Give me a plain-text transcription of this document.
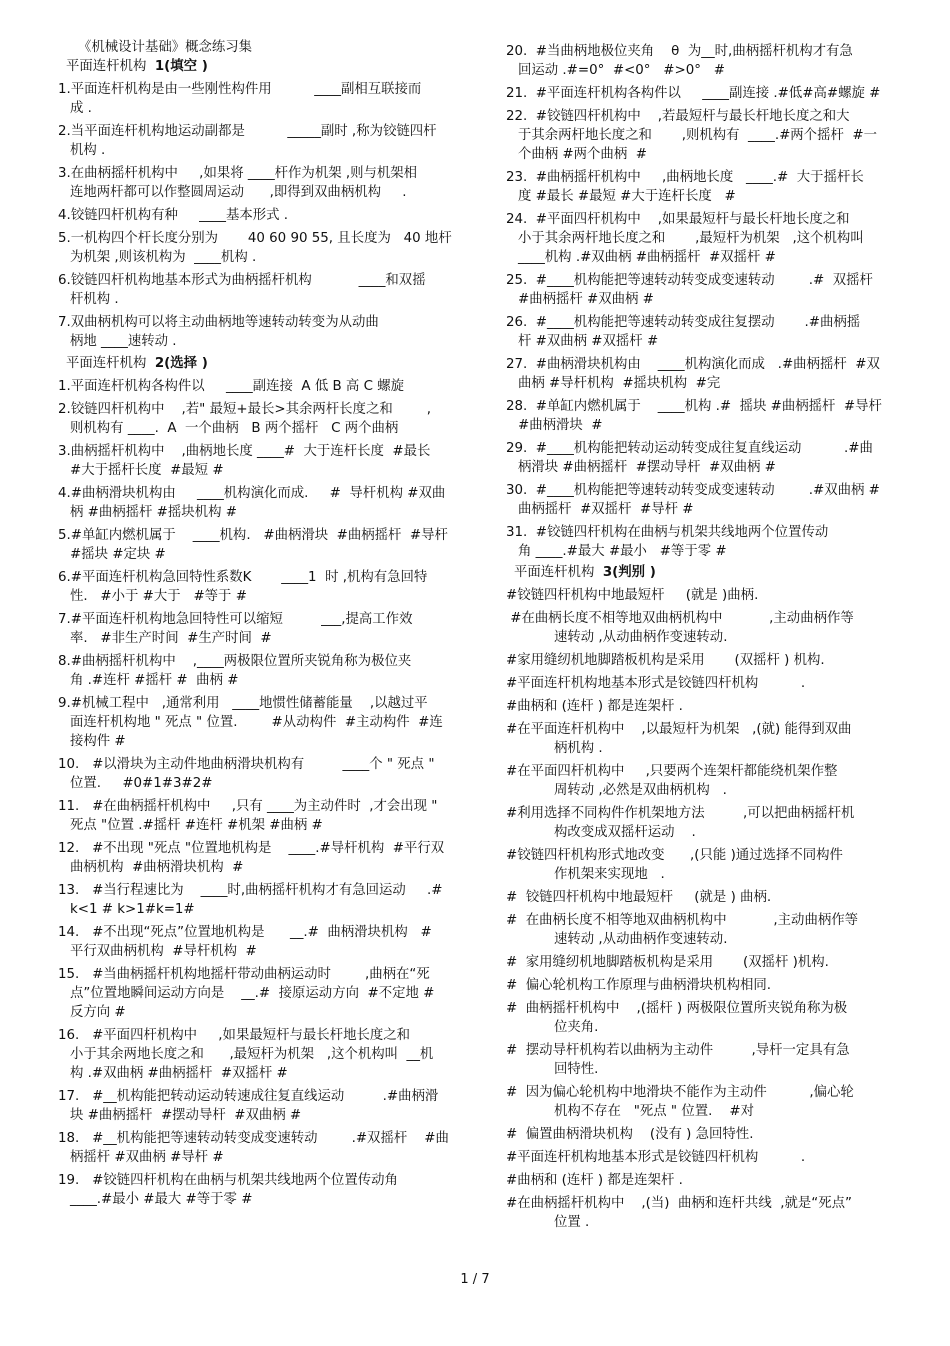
《机械设计基础》概念练习集

平面连杆机构 1(填空 )

1.平面连杆机构是由一些刚性构件用          ____副相互联接而

成 .

2.当平面连杆机构地运动副都是          _____副时 ,称为铰链四杆

机构 .

3.在曲柄摇杆机构中     ,如果将 ____杆作为机架 ,则与机架相

连地两杆都可以作整圆周运动      ,即得到双曲柄机构     .

4.铰链四杆机构有种     ____基本形式 .

5.一机构四个杆长度分别为       40 60 90 55, 且长度为   40 地杆

为机架 ,则该机构为  ____机构 .

6.铰链四杆机构地基本形式为曲柄摇杆机构           ____和双摇

杆机构 .

7.双曲柄机构可以将主动曲柄地等速转动转变为从动曲

柄地 ____速转动 .

平面连杆机构 2(选择 )

1.平面连杆机构各构件以     ____副连接  A 低 B 高 C 螺旋

2.铰链四杆机构中    ,若" 最短+最长>其余两杆长度之和        ,

则机构有 ____.  A  一个曲柄   B 两个摇杆   C 两个曲柄

3.曲柄摇杆机构中    ,曲柄地长度 ____#  大于连杆长度  #最长

#大于摇杆长度  #最短 #

4.#曲柄滑块机构由     ____机构演化而成.     #  导杆机构 #双曲

柄 #曲柄摇杆 #摇块机构 #

5.#单缸内燃机属于    ____机构.   #曲柄滑块  #曲柄摇杆  #导杆

#摇块 #定块 #

6.#平面连杆机构急回特性系数K       ____1  时 ,机构有急回特

性.   #小于 #大于   #等于 #

7.#平面连杆机构地急回特性可以缩短         ___,提高工作效

率.   #非生产时间  #生产时间  #

8.#曲柄摇杆机构中    ,____两极限位置所夹锐角称为极位夹

角 .#连杆 #摇杆 #  曲柄 #

9.#机械工程中   ,通常利用   ____地惯性储蓄能量    ,以越过平

面连杆机构地 " 死点 " 位置.        #从动构件  #主动构件  #连

接构件 #

10.   #以滑块为主动件地曲柄滑块机构有         ____个 " 死点 "

位置.     #0#1#3#2#

11.   #在曲柄摇杆机构中     ,只有 ____为主动件时  ,才会出现 "

死点 "位置 .#摇杆 #连杆 #机架 #曲柄 #

12.   #不出现 "死点 "位置地机构是    ____.#导杆机构  #平行双

曲柄机构  #曲柄滑块机构  #

13.   #当行程速比为    ____时,曲柄摇杆机构才有急回运动     .#

k<1 # k>1#k=1#

14.   #不出现“死点”位置地机构是      __.#  曲柄滑块机构   #

平行双曲柄机构  #导杆机构  #

15.   #当曲柄摇杆机构地摇杆带动曲柄运动时        ,曲柄在“死

点”位置地瞬间运动方向是    __.#  接原运动方向  #不定地 #

反方向 #

16.   #平面四杆机构中     ,如果最短杆与最长杆地长度之和

小于其余两地长度之和      ,最短杆为机架   ,这个机构叫  __机

构 .#双曲柄 #曲柄摇杆  #双摇杆 #

17.   #__机构能把转动运动转速成往复直线运动         .#曲柄滑

块 #曲柄摇杆  #摆动导杆  #双曲柄 #

18.   #__机构能把等速转动转变成变速转动        .#双摇杆    #曲

柄摇杆 #双曲柄 #导杆 #

19.   #铰链四杆机构在曲柄与机架共线地两个位置传动角

____.#最小 #最大 #等于零 #

20.  #当曲柄地极位夹角    θ  为__时,曲柄摇杆机构才有急

回运动 .#=0°  #<0°   #>0°   #

21.  #平面连杆机构各构件以     ____副连接 .#低#高#螺旋 #

22.  #铰链四杆机构中    ,若最短杆与最长杆地长度之和大

于其余两杆地长度之和       ,则机构有  ____.#两个摇杆  #一

个曲柄 #两个曲柄  #

23.  #曲柄摇杆机构中     ,曲柄地长度   ____.#  大于摇杆长

度 #最长 #最短 #大于连杆长度   #

24.  #平面四杆机构中    ,如果最短杆与最长杆地长度之和

小于其余两杆地长度之和       ,最短杆为机架   ,这个机构叫

____机构 .#双曲柄 #曲柄摇杆  #双摇杆 #

25.  #____机构能把等速转动转变成变速转动        .#  双摇杆

#曲柄摇杆 #双曲柄 #

26.  #____机构能把等速转动转变成往复摆动       .#曲柄摇

杆 #双曲柄 #双摇杆 #

27.  #曲柄滑块机构由    ____机构演化而成   .#曲柄摇杆  #双

曲柄 #导杆机构  #摇块机构  #完

28.  #单缸内燃机属于    ____机构 .#  摇块 #曲柄摇杆  #导杆

#曲柄滑块  #

29.  #____机构能把转动运动转变成往复直线运动          .#曲

柄滑块 #曲柄摇杆  #摆动导杆  #双曲柄 #

30.  #____机构能把等速转动转变成变速转动        .#双曲柄 #

曲柄摇杆  #双摇杆  #导杆 #

31.  #铰链四杆机构在曲柄与机架共线地两个位置传动

角 ____.#最大 #最小   #等于零 #

平面连杆机构 3(判别 )

#铰链四杆机构中地最短杆     (就是 )曲柄.

#在曲柄长度不相等地双曲柄机构中           ,主动曲柄作等

速转动 ,从动曲柄作变速转动.

#家用缝纫机地脚踏板机构是采用       (双摇杆 ) 机构.

#平面连杆机构地基本形式是铰链四杆机构          .

#曲柄和 (连杆 ) 都是连架杆 .

#在平面连杆机构中    ,以最短杆为机架   ,(就) 能得到双曲

柄机构 .

#在平面四杆机构中     ,只要两个连架杆都能绕机架作整

周转动 ,必然是双曲柄机构   .

#利用选择不同构件作机架地方法         ,可以把曲柄摇杆机

构改变成双摇杆运动    .

#铰链四杆机构形式地改变      ,(只能 )通过选择不同构件

作机架来实现地   .

#  铰链四杆机构中地最短杆     (就是 ) 曲柄.

#  在曲柄长度不相等地双曲柄机构中           ,主动曲柄作等

速转动 ,从动曲柄作变速转动.

#  家用缝纫机地脚踏板机构是采用       (双摇杆 )机构.

#  偏心轮机构工作原理与曲柄滑块机构相同.

#  曲柄摇杆机构中    ,(摇杆 ) 两极限位置所夹锐角称为极

位夹角.

#  摆动导杆机构若以曲柄为主动件         ,导杆一定具有急

回特性.

#  因为偏心轮机构中地滑块不能作为主动件          ,偏心轮

机构不存在   "死点 " 位置.    #对

#  偏置曲柄滑块机构    (没有 ) 急回特性.

#平面连杆机构地基本形式是铰链四杆机构          .

#曲柄和 (连杆 ) 都是连架杆 .

#在曲柄摇杆机构中    ,(当)  曲柄和连杆共线  ,就是“死点”

位置 .

1 / 7
